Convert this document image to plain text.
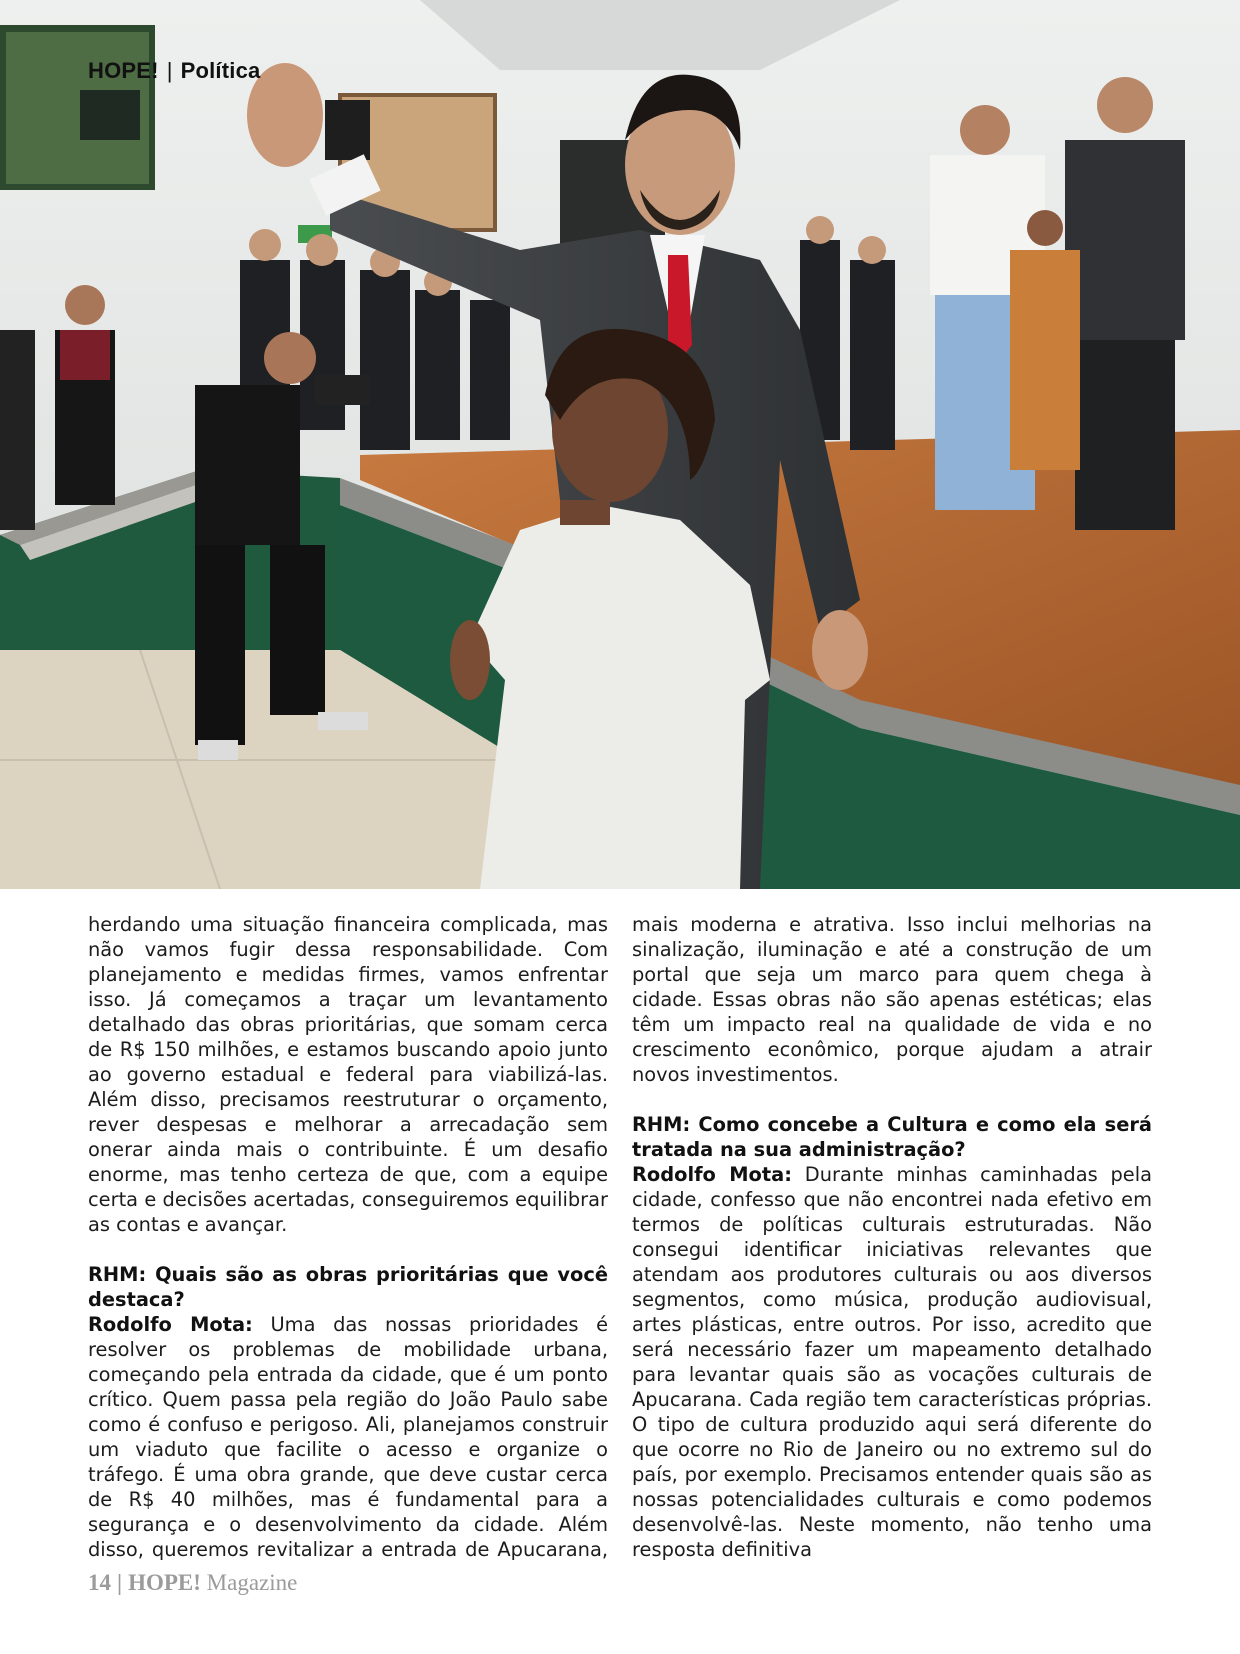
HOPE! | Política

herdando uma situação financeira complicada, mas não vamos fugir dessa responsabilidade. Com planejamento e medidas firmes, vamos enfrentar isso. Já começamos a traçar um levantamento detalhado das obras prioritárias, que somam cerca de R$ 150 milhões, e estamos buscando apoio junto ao governo estadual e federal para viabilizá-las. Além disso, precisamos reestruturar o orçamento, rever despesas e melhorar a arrecadação sem onerar ainda mais o contribuinte. É um desafio enorme, mas tenho certeza de que, com a equipe certa e decisões acertadas, conseguiremos equilibrar as contas e avançar.

RHM: Quais são as obras prioritárias que você destaca?

Rodolfo Mota: Uma das nossas prioridades é resolver os problemas de mobilidade urbana, começando pela entrada da cidade, que é um ponto crítico. Quem passa pela região do João Paulo sabe como é confuso e perigoso. Ali, planejamos construir um viaduto que facilite o acesso e organize o tráfego. É uma obra grande, que deve custar cerca de R$ 40 milhões, mas é fundamental para a segurança e o desenvolvimento da cidade. Além disso, queremos revitalizar a entrada de Apucarana,

mais moderna e atrativa. Isso inclui melhorias na sinalização, iluminação e até a construção de um portal que seja um marco para quem chega à cidade. Essas obras não são apenas estéticas; elas têm um impacto real na qualidade de vida e no crescimento econômico, porque ajudam a atrair novos investimentos.

RHM: Como concebe a Cultura e como ela será tratada na sua administração?

Rodolfo Mota: Durante minhas caminhadas pela cidade, confesso que não encontrei nada efetivo em termos de políticas culturais estruturadas. Não consegui identificar iniciativas relevantes que atendam aos produtores culturais ou aos diversos segmentos, como música, produção audiovisual, artes plásticas, entre outros. Por isso, acredito que será necessário fazer um mapeamento detalhado para levantar quais são as vocações culturais de Apucarana. Cada região tem características próprias. O tipo de cultura produzido aqui será diferente do que ocorre no Rio de Janeiro ou no extremo sul do país, por exemplo. Precisamos entender quais são as nossas potencialidades culturais e como podemos desenvolvê-las. Neste momento, não tenho uma resposta definitiva

14 | HOPE! Magazine
